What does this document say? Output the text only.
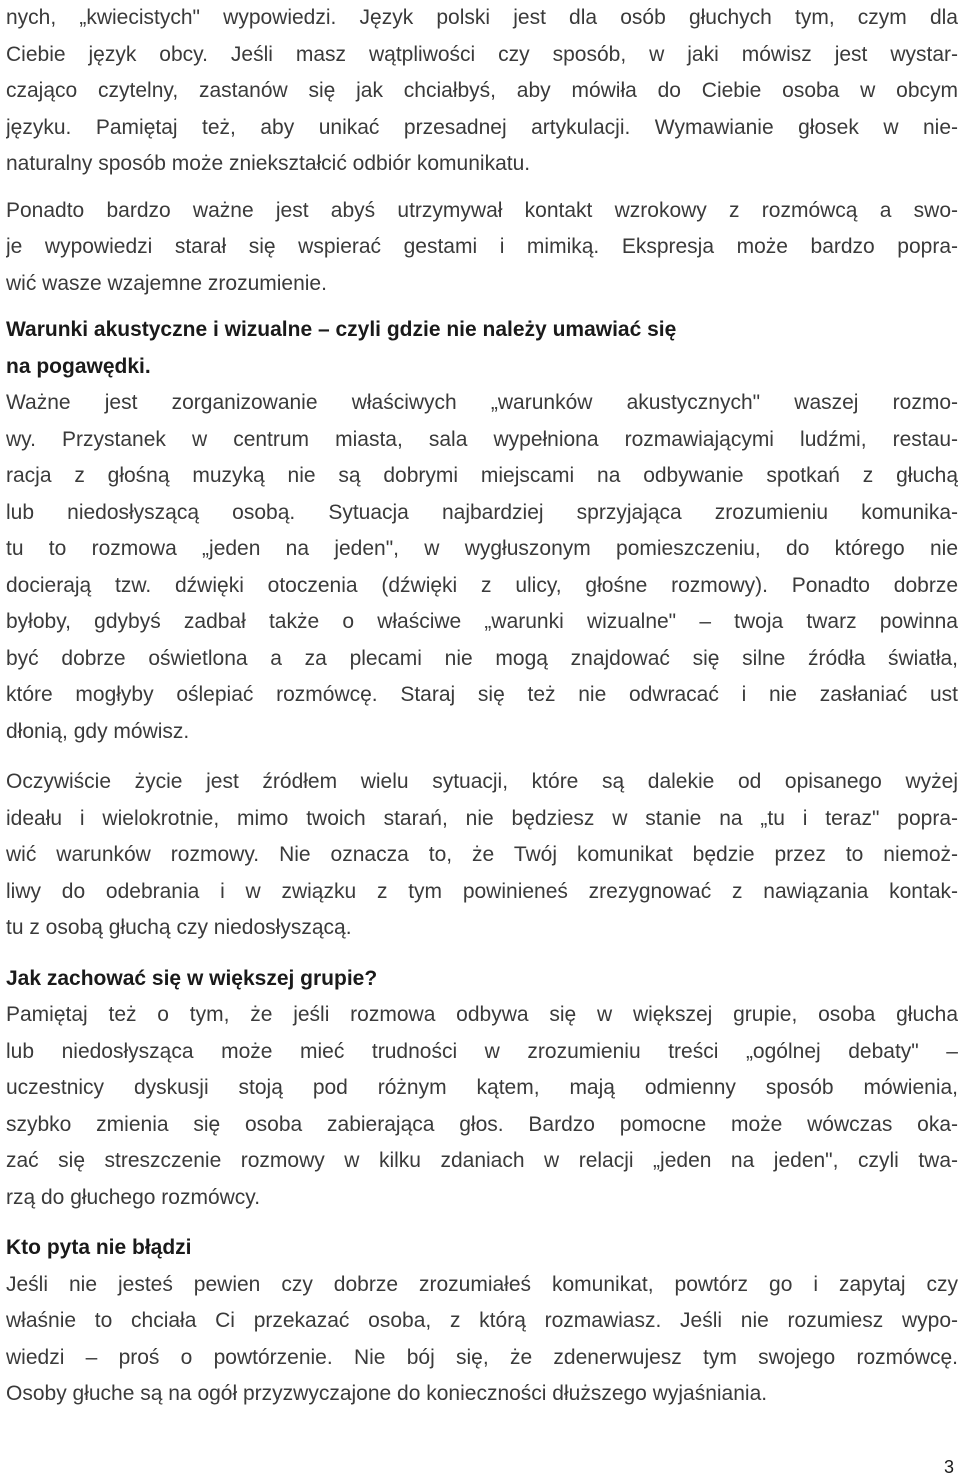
nych, „kwiecistych" wypowiedzi. Język polski jest dla osób głuchych tym, czym dla
Ciebie język obcy. Jeśli masz wątpliwości czy sposób, w jaki mówisz jest wystar-
czająco czytelny, zastanów się jak chciałbyś, aby mówiła do Ciebie osoba w obcym
języku. Pamiętaj też, aby unikać przesadnej artykulacji. Wymawianie głosek w nie-
naturalny sposób może zniekształcić odbiór komunikatu.
Ponadto bardzo ważne jest abyś utrzymywał kontakt wzrokowy z rozmówcą a swo-
je wypowiedzi starał się wspierać gestami i mimiką. Ekspresja może bardzo popra-
wić wasze wzajemne zrozumienie.
Warunki akustyczne i wizualne – czyli gdzie nie należy umawiać się
na pogawędki.
Ważne jest zorganizowanie właściwych „warunków akustycznych" waszej rozmo-
wy. Przystanek w centrum miasta, sala wypełniona rozmawiającymi ludźmi, restau-
racja z głośną muzyką nie są dobrymi miejscami na odbywanie spotkań z głuchą
lub niedosłyszącą osobą. Sytuacja najbardziej sprzyjająca zrozumieniu komunika-
tu to rozmowa „jeden na jeden", w wygłuszonym pomieszczeniu, do którego nie
docierają tzw. dźwięki otoczenia (dźwięki z ulicy, głośne rozmowy). Ponadto dobrze
byłoby, gdybyś zadbał także o właściwe „warunki wizualne" – twoja twarz powinna
być dobrze oświetlona a za plecami nie mogą znajdować się silne źródła światła,
które mogłyby oślepiać rozmówcę. Staraj się też nie odwracać i nie zasłaniać ust
dłonią, gdy mówisz.
Oczywiście życie jest źródłem wielu sytuacji, które są dalekie od opisanego wyżej
ideału i wielokrotnie, mimo twoich starań, nie będziesz w stanie na „tu i teraz" popra-
wić warunków rozmowy. Nie oznacza to, że Twój komunikat będzie przez to niemoż-
liwy do odebrania i w związku z tym powinieneś zrezygnować z nawiązania kontak-
tu z osobą głuchą czy niedosłyszącą.
Jak zachować się w większej grupie?
Pamiętaj też o tym, że jeśli rozmowa odbywa się w większej grupie, osoba głucha
lub niedosłysząca może mieć trudności w zrozumieniu treści „ogólnej debaty" –
uczestnicy dyskusji stoją pod różnym kątem, mają odmienny sposób mówienia,
szybko zmienia się osoba zabierająca głos. Bardzo pomocne może wówczas oka-
zać się streszczenie rozmowy w kilku zdaniach w relacji „jeden na jeden", czyli twa-
rzą do głuchego rozmówcy.
Kto pyta nie błądzi
Jeśli nie jesteś pewien czy dobrze zrozumiałeś komunikat, powtórz go i zapytaj czy
właśnie to chciała Ci przekazać osoba, z którą rozmawiasz. Jeśli nie rozumiesz wypo-
wiedzi – proś o powtórzenie. Nie bój się, że zdenerwujesz tym swojego rozmówcę.
Osoby głuche są na ogół przyzwyczajone do konieczności dłuższego wyjaśniania.
3
